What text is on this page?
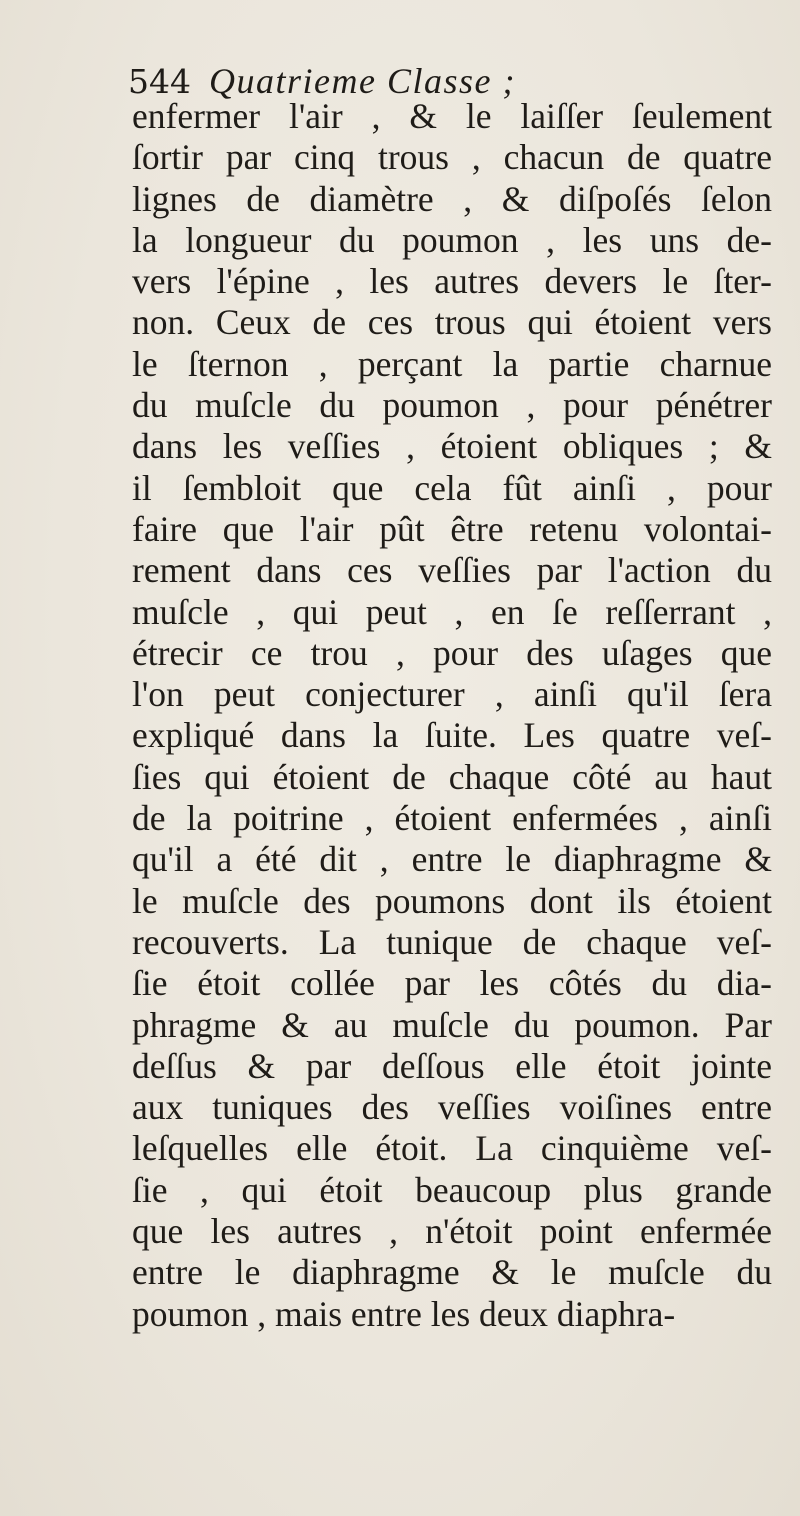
544 Quatrieme Classe ;
enfermer l'air , & le laiſſer ſeulement
ſortir par cinq trous , chacun de quatre
lignes de diamètre , & diſpoſés ſelon
la longueur du poumon , les uns de-
vers l'épine , les autres devers le ſter-
non. Ceux de ces trous qui étoient vers
le ſternon , perçant la partie charnue
du muſcle du poumon , pour pénétrer
dans les veſſies , étoient obliques ; &
il ſembloit que cela fût ainſi , pour
faire que l'air pût être retenu volontai-
rement dans ces veſſies par l'action du
muſcle , qui peut , en ſe reſſerrant ,
étrecir ce trou , pour des uſages que
l'on peut conjecturer , ainſi qu'il ſera
expliqué dans la ſuite. Les quatre veſ-
ſies qui étoient de chaque côté au haut
de la poitrine , étoient enfermées , ainſi
qu'il a été dit , entre le diaphragme &
le muſcle des poumons dont ils étoient
recouverts. La tunique de chaque veſ-
ſie étoit collée par les côtés du dia-
phragme & au muſcle du poumon. Par
deſſus & par deſſous elle étoit jointe
aux tuniques des veſſies voiſines entre
leſquelles elle étoit. La cinquième veſ-
ſie , qui étoit beaucoup plus grande
que les autres , n'étoit point enfermée
entre le diaphragme & le muſcle du
poumon , mais entre les deux diaphra-
